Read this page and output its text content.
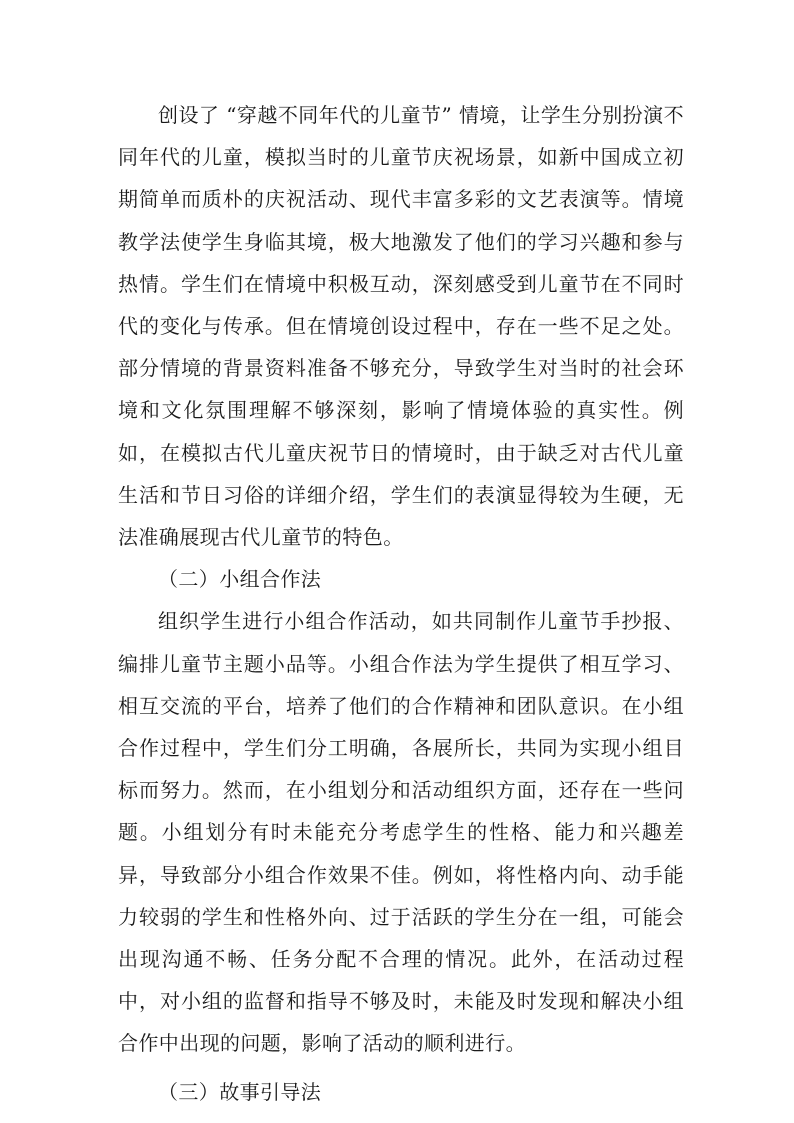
创设了 “穿越不同年代的儿童节” 情境，让学生分别扮演不同年代的儿童，模拟当时的儿童节庆祝场景，如新中国成立初期简单而质朴的庆祝活动、现代丰富多彩的文艺表演等。情境教学法使学生身临其境，极大地激发了他们的学习兴趣和参与热情。学生们在情境中积极互动，深刻感受到儿童节在不同时代的变化与传承。但在情境创设过程中，存在一些不足之处。部分情境的背景资料准备不够充分，导致学生对当时的社会环境和文化氛围理解不够深刻，影响了情境体验的真实性。例如，在模拟古代儿童庆祝节日的情境时，由于缺乏对古代儿童生活和节日习俗的详细介绍，学生们的表演显得较为生硬，无法准确展现古代儿童节的特色。

（二）小组合作法

组织学生进行小组合作活动，如共同制作儿童节手抄报、编排儿童节主题小品等。小组合作法为学生提供了相互学习、相互交流的平台，培养了他们的合作精神和团队意识。在小组合作过程中，学生们分工明确，各展所长，共同为实现小组目标而努力。然而，在小组划分和活动组织方面，还存在一些问题。小组划分有时未能充分考虑学生的性格、能力和兴趣差异，导致部分小组合作效果不佳。例如，将性格内向、动手能力较弱的学生和性格外向、过于活跃的学生分在一组，可能会出现沟通不畅、任务分配不合理的情况。此外，在活动过程中，对小组的监督和指导不够及时，未能及时发现和解决小组合作中出现的问题，影响了活动的顺利进行。

（三）故事引导法
